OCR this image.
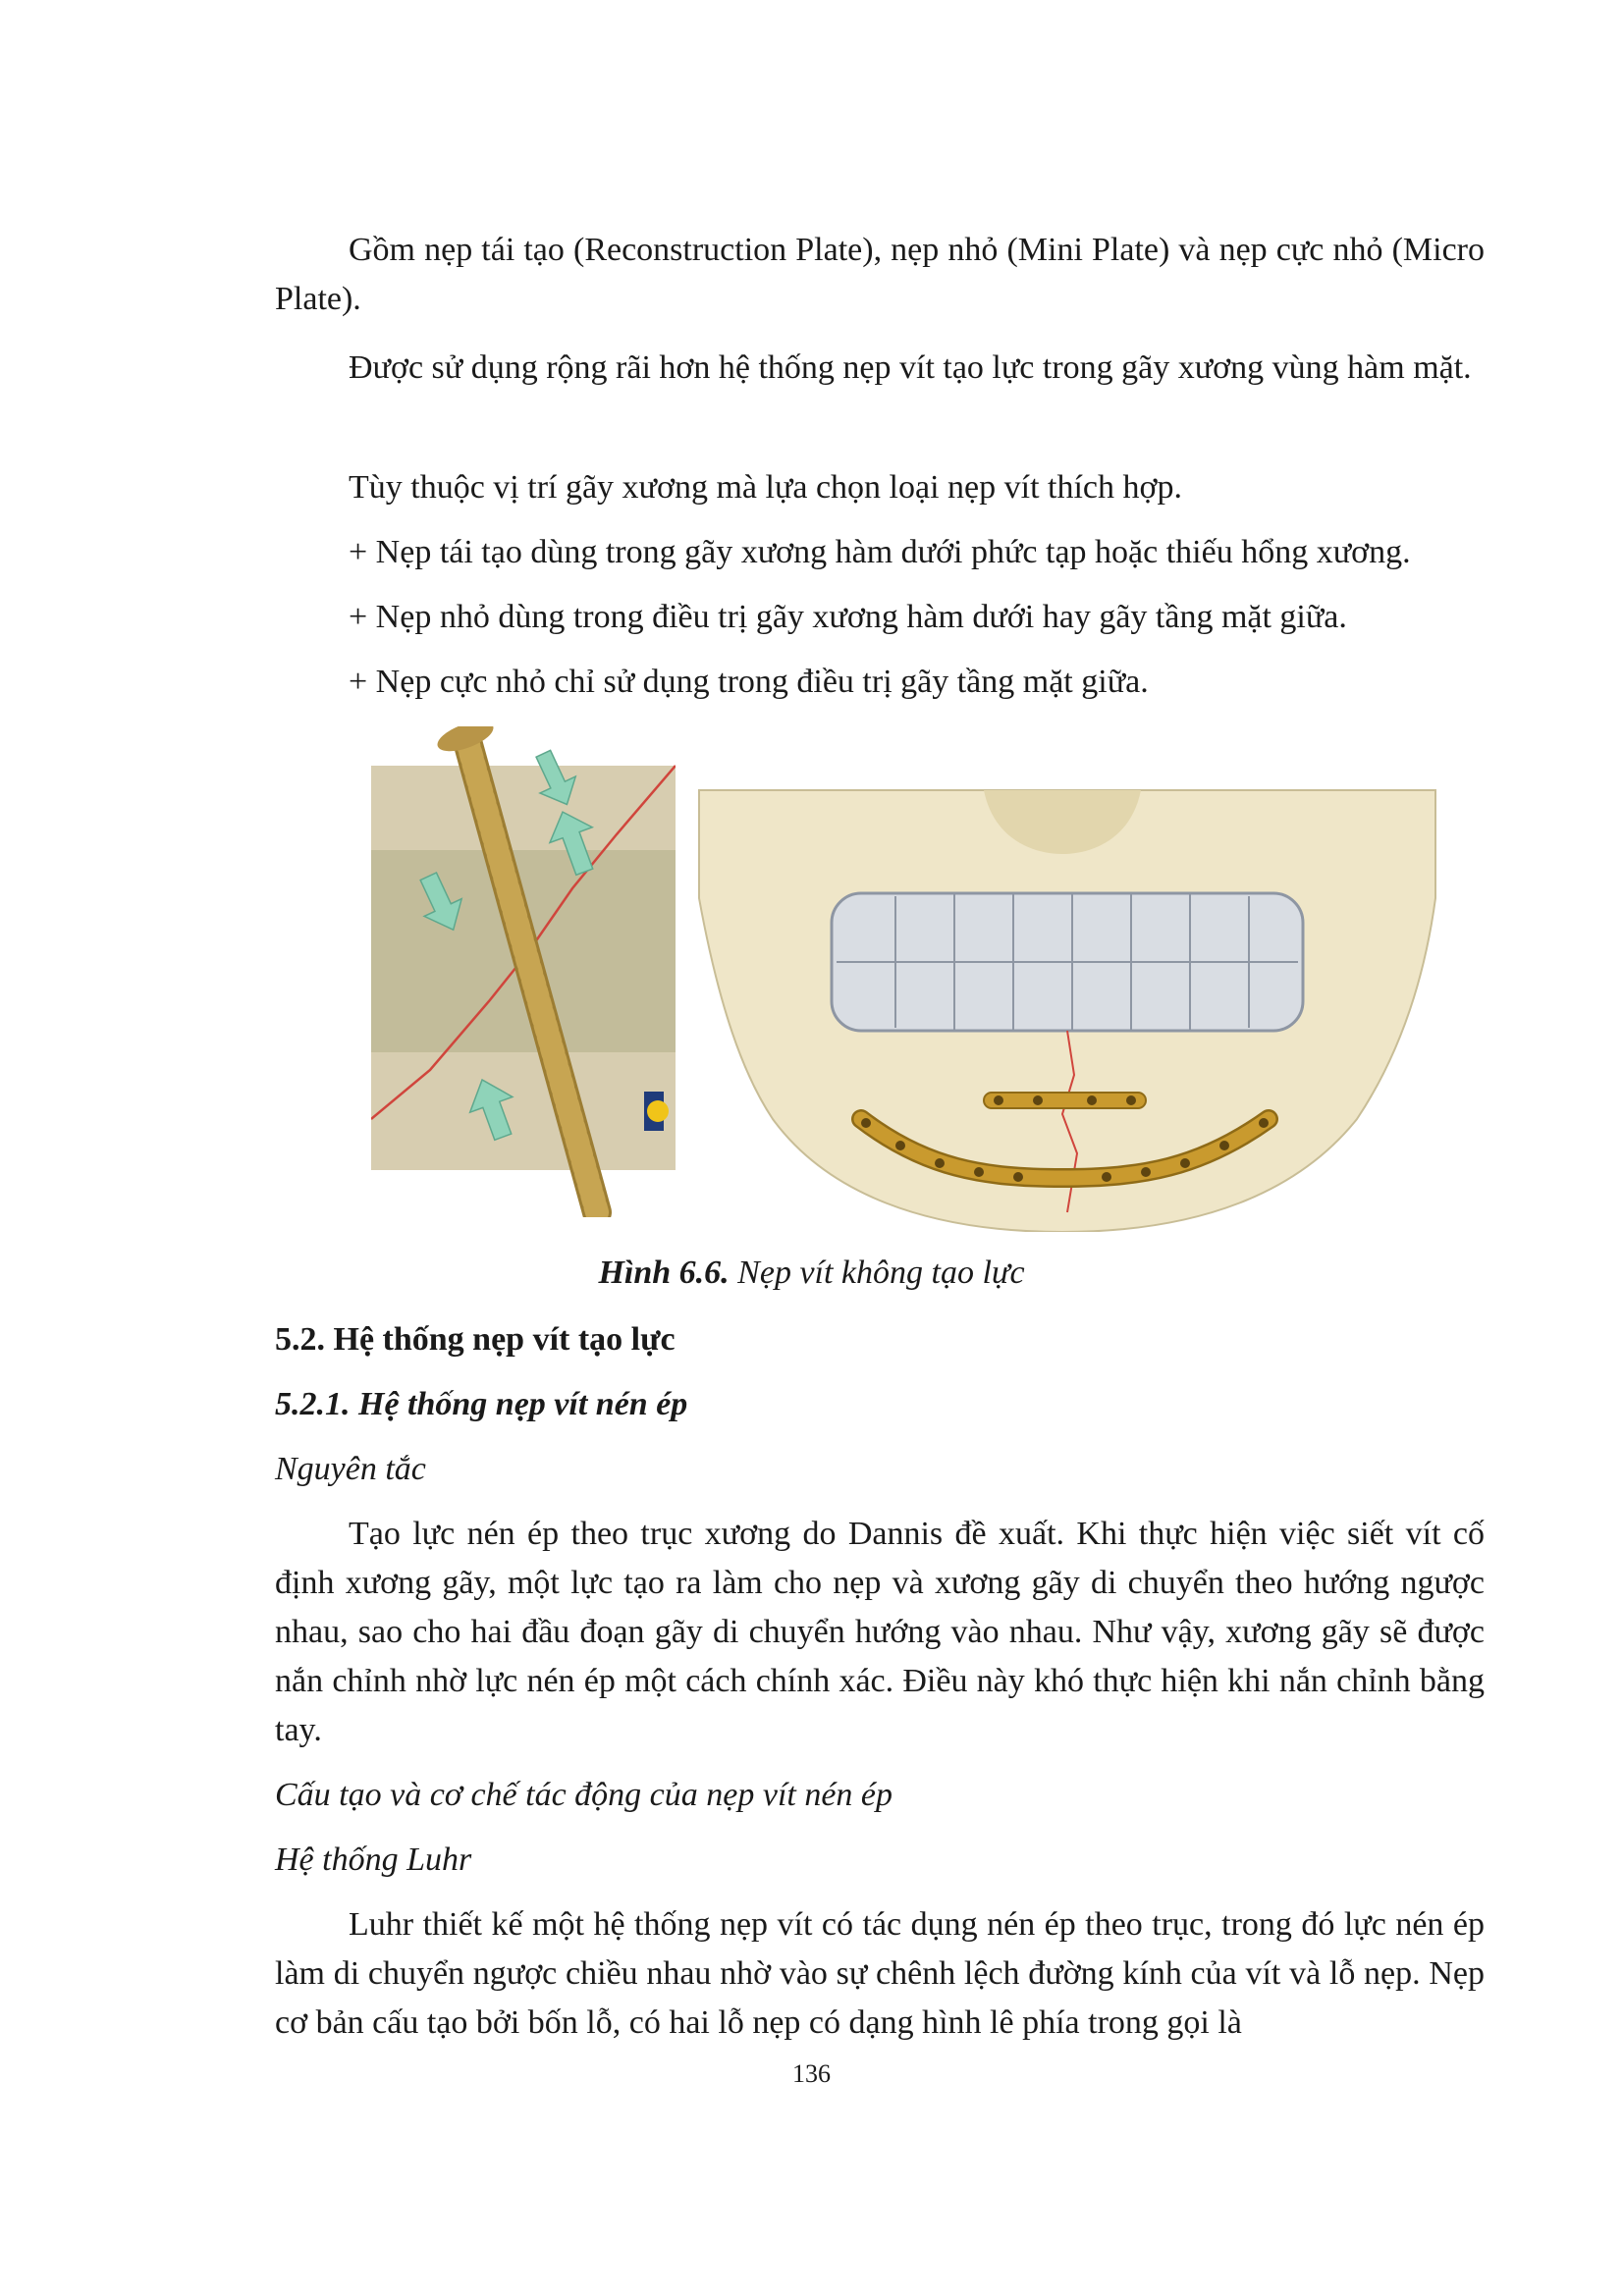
Gồm nẹp tái tạo (Reconstruction Plate), nẹp nhỏ (Mini Plate) và nẹp cực nhỏ (Micro Plate).
Được sử dụng rộng rãi hơn hệ thống nẹp vít tạo lực trong gãy xương vùng hàm mặt.
Tùy thuộc vị trí gãy xương mà lựa chọn loại nẹp vít thích hợp.
+ Nẹp tái tạo dùng trong gãy xương hàm dưới phức tạp hoặc thiếu hổng xương.
+ Nẹp nhỏ dùng trong điều trị gãy xương hàm dưới hay gãy tầng mặt giữa.
+ Nẹp cực nhỏ chỉ sử dụng trong điều trị gãy tầng mặt giữa.
Hình 6.6. Nẹp vít không tạo lực
5.2. Hệ thống nẹp vít tạo lực
5.2.1. Hệ thống nẹp vít nén ép
Nguyên tắc
Tạo lực nén ép theo trục xương do Dannis đề xuất. Khi thực hiện việc siết vít cố định xương gãy, một lực tạo ra làm cho nẹp và xương gãy di chuyển theo hướng ngược nhau, sao cho hai đầu đoạn gãy di chuyển hướng vào nhau. Như vậy, xương gãy sẽ được nắn chỉnh nhờ lực nén ép một cách chính xác. Điều này khó thực hiện khi nắn chỉnh bằng tay.
Cấu tạo và cơ chế tác động của nẹp vít nén ép
Hệ thống Luhr
Luhr thiết kế một hệ thống nẹp vít có tác dụng nén ép theo trục, trong đó lực nén ép làm di chuyển ngược chiều nhau nhờ vào sự chênh lệch đường kính của vít và lỗ nẹp. Nẹp cơ bản cấu tạo bởi bốn lỗ, có hai lỗ nẹp có dạng hình lê phía trong gọi là
136
